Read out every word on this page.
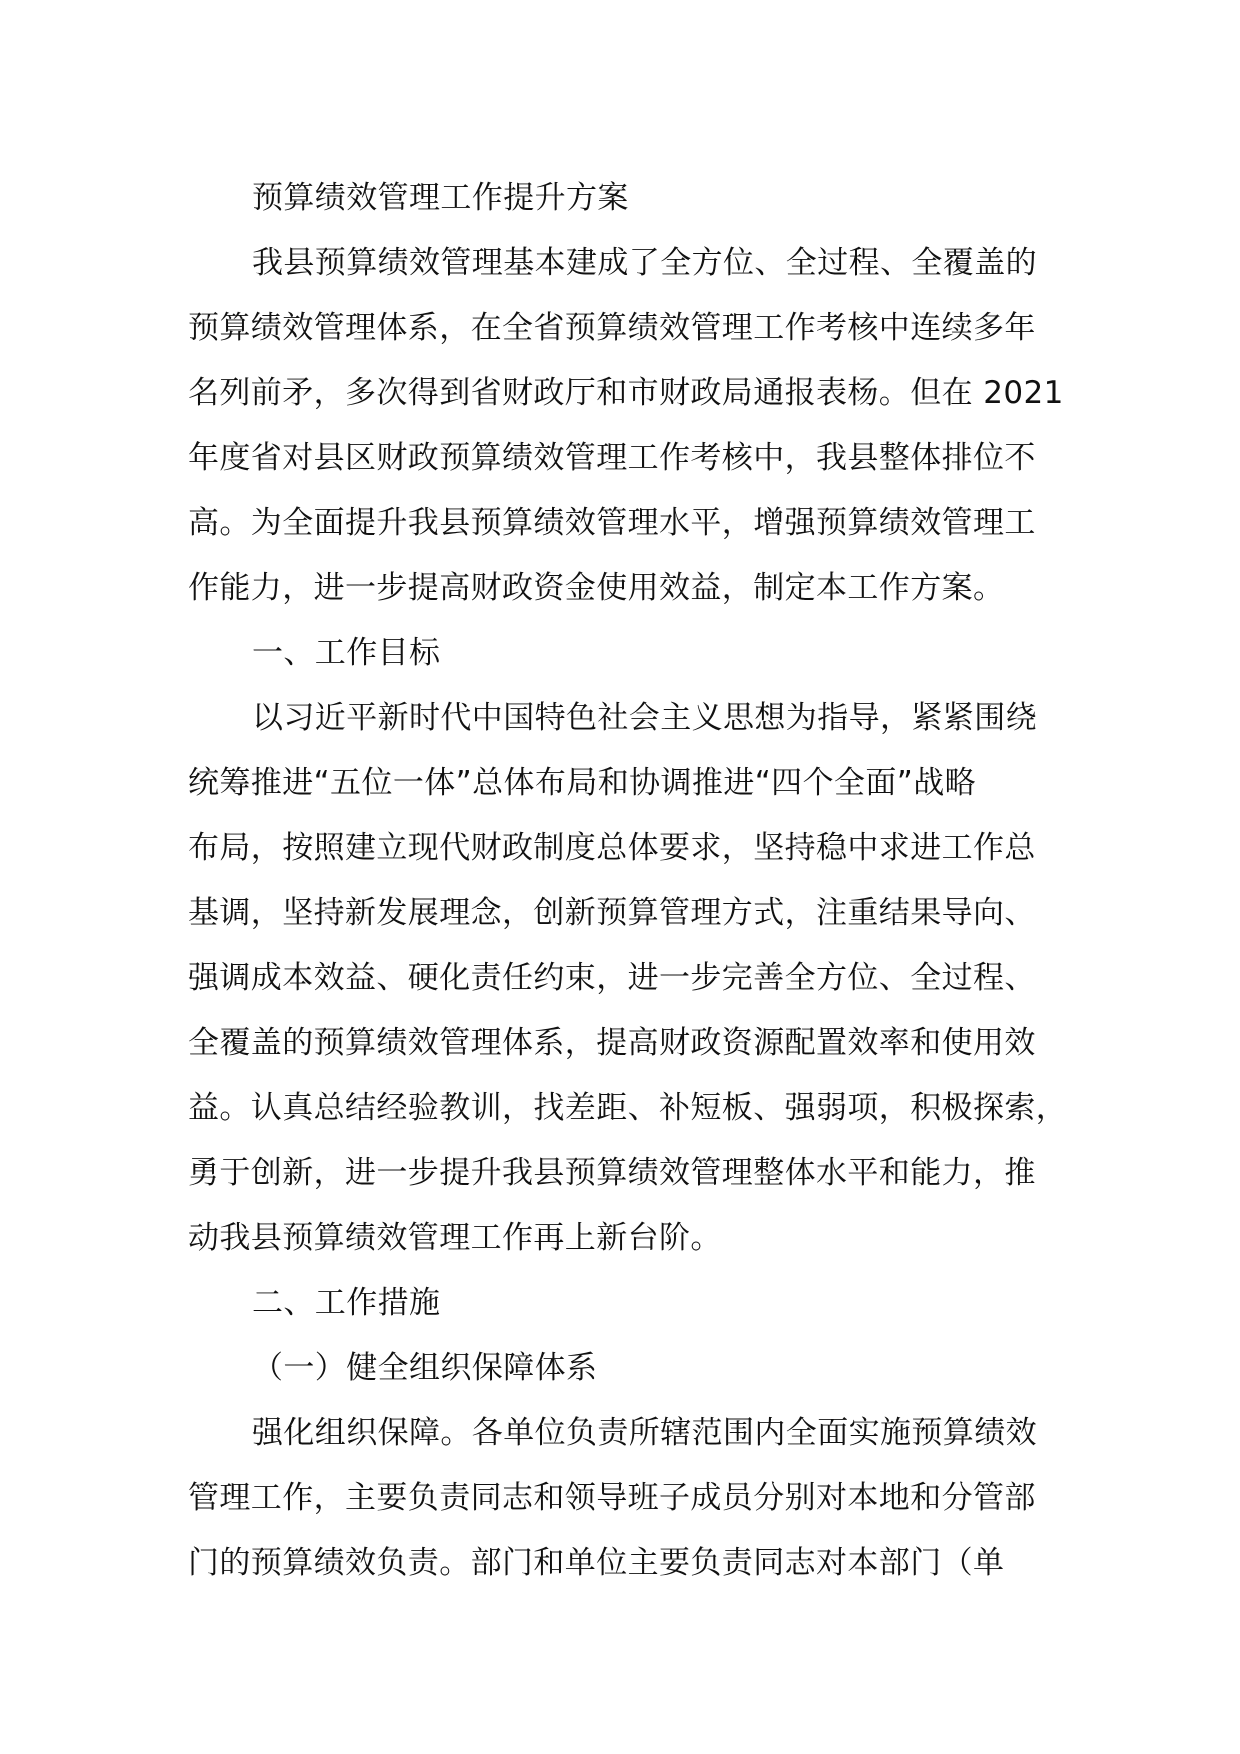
预算绩效管理工作提升方案
我县预算绩效管理基本建成了全方位、全过程、全覆盖的
预算绩效管理体系，在全省预算绩效管理工作考核中连续多年
名列前矛，多次得到省财政厅和市财政局通报表杨。但在 2021
年度省对县区财政预算绩效管理工作考核中，我县整体排位不
高。为全面提升我县预算绩效管理水平，增强预算绩效管理工
作能力，进一步提高财政资金使用效益，制定本工作方案。
一、工作目标
以习近平新时代中国特色社会主义思想为指导，紧紧围绕
统筹推进“五位一体”总体布局和协调推进“四个全面”战略
布局，按照建立现代财政制度总体要求，坚持稳中求进工作总
基调，坚持新发展理念，创新预算管理方式，注重结果导向、
强调成本效益、硬化责任约束，进一步完善全方位、全过程、
全覆盖的预算绩效管理体系，提高财政资源配置效率和使用效
益。认真总结经验教训，找差距、补短板、强弱项，积极探索，
勇于创新，进一步提升我县预算绩效管理整体水平和能力，推
动我县预算绩效管理工作再上新台阶。
二、工作措施
（一）健全组织保障体系
强化组织保障。各单位负责所辖范围内全面实施预算绩效
管理工作，主要负责同志和领导班子成员分别对本地和分管部
门的预算绩效负责。部门和单位主要负责同志对本部门（单
